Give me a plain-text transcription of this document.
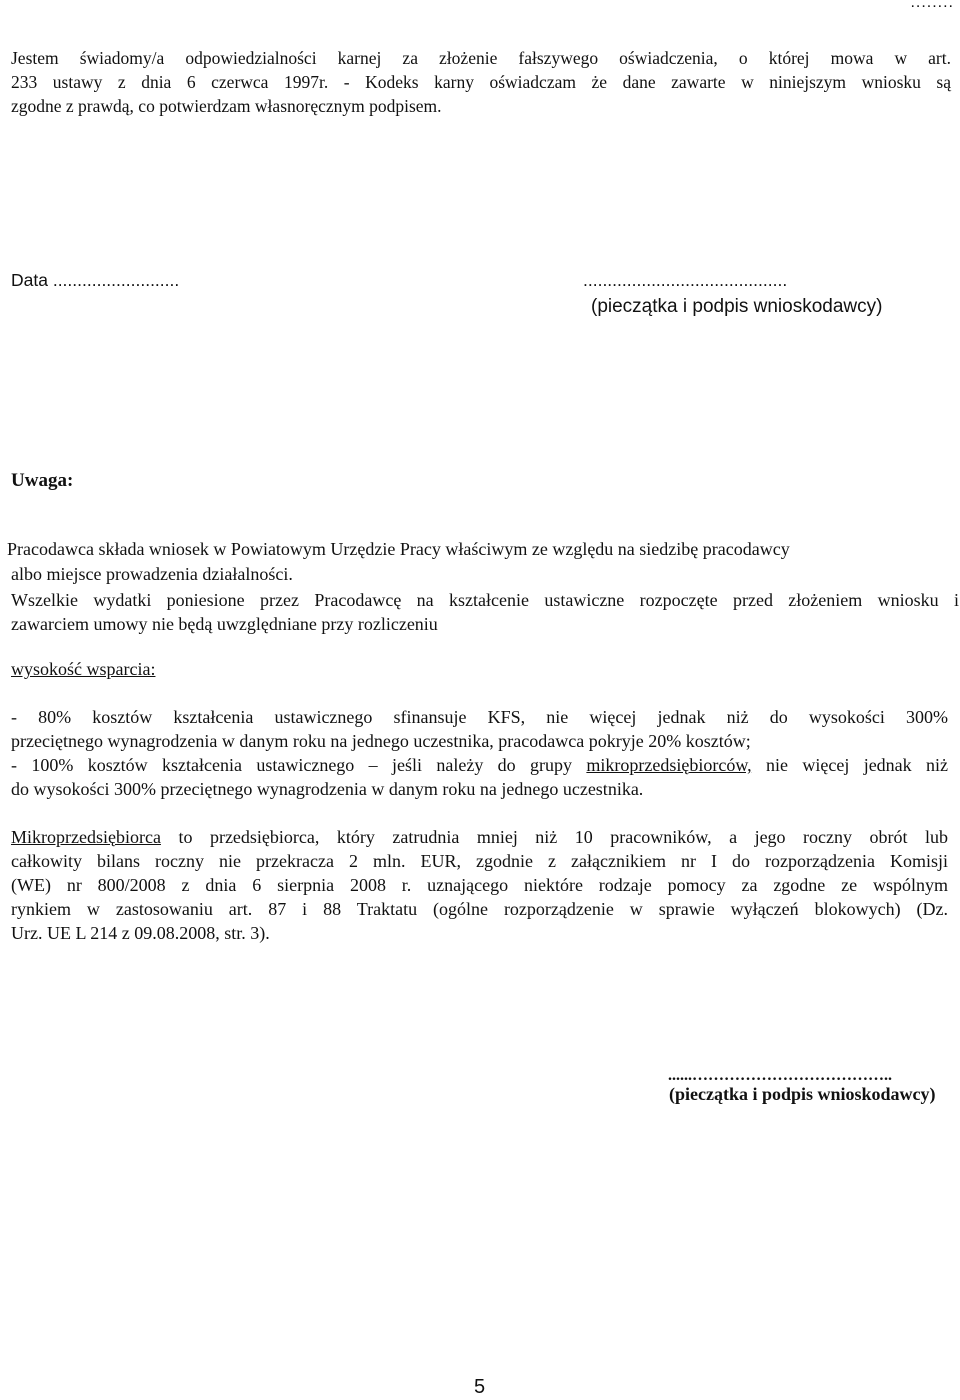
........
Jestem świadomy/a odpowiedzialności karnej za złożenie fałszywego oświadczenia, o której mowa w art.
233 ustawy z dnia 6 czerwca 1997r. - Kodeks karny oświadczam że dane zawarte w niniejszym wniosku są
zgodne z prawdą, co potwierdzam własnoręcznym podpisem.
Data ..........................	..........................................
(pieczątka i podpis wnioskodawcy)
Uwaga:
Pracodawca składa wniosek w Powiatowym Urzędzie Pracy właściwym ze względu na siedzibę pracodawcy
albo miejsce prowadzenia działalności.
Wszelkie wydatki poniesione przez Pracodawcę na kształcenie ustawiczne rozpoczęte przed złożeniem wniosku i
zawarciem umowy nie będą uwzględniane przy rozliczeniu
wysokość wsparcia:
- 80% kosztów kształcenia ustawicznego sfinansuje KFS, nie więcej jednak niż do wysokości 300%
przeciętnego wynagrodzenia w danym roku na jednego uczestnika, pracodawca pokryje 20% kosztów;
- 100% kosztów kształcenia ustawicznego – jeśli należy do grupy mikroprzedsiębiorców, nie więcej jednak niż
do wysokości 300% przeciętnego wynagrodzenia w danym roku na jednego uczestnika.
Mikroprzedsiębiorca to przedsiębiorca, który zatrudnia mniej niż 10 pracowników, a jego roczny obrót lub
całkowity bilans roczny nie przekracza 2 mln. EUR, zgodnie z załącznikiem nr I do rozporządzenia Komisji
(WE) nr 800/2008 z dnia 6 sierpnia 2008 r. uznającego niektóre rodzaje pomocy za zgodne ze wspólnym
rynkiem w zastosowaniu art. 87 i 88 Traktatu (ogólne rozporządzenie w sprawie wyłączeń blokowych) (Dz.
Urz. UE L 214 z 09.08.2008, str. 3).
......………………………………..
(pieczątka i podpis wnioskodawcy)
5
